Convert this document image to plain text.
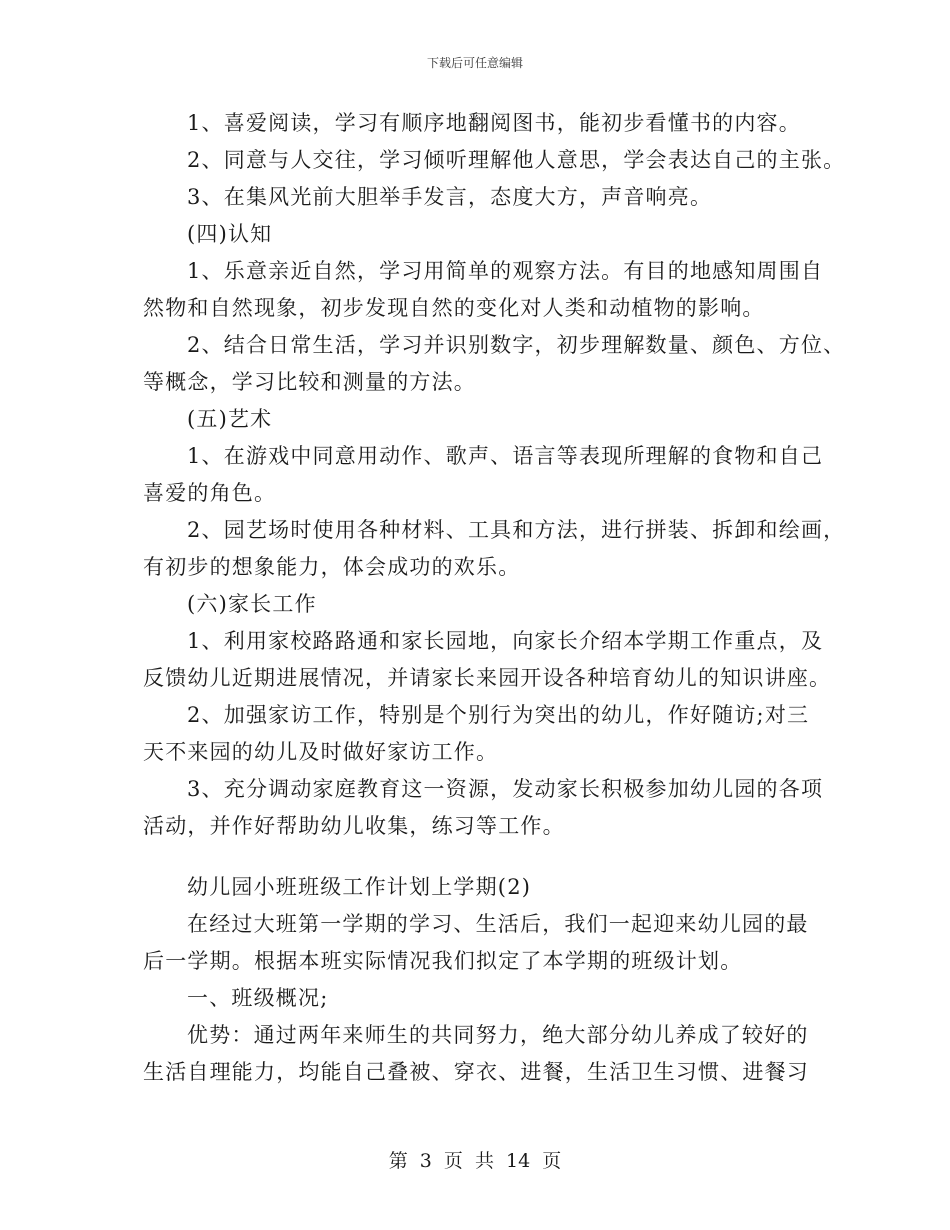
下载后可任意编辑
1、喜爱阅读，学习有顺序地翻阅图书，能初步看懂书的内容。
2、同意与人交往，学习倾听理解他人意思，学会表达自己的主张。
3、在集风光前大胆举手发言，态度大方，声音响亮。
(四)认知
1、乐意亲近自然，学习用简单的观察方法。有目的地感知周围自
然物和自然现象，初步发现自然的变化对人类和动植物的影响。
2、结合日常生活，学习并识别数字，初步理解数量、颜色、方位、
等概念，学习比较和测量的方法。
(五)艺术
1、在游戏中同意用动作、歌声、语言等表现所理解的食物和自己
喜爱的角色。
2、园艺场时使用各种材料、工具和方法，进行拼装、拆卸和绘画，
有初步的想象能力，体会成功的欢乐。
(六)家长工作
1、利用家校路路通和家长园地，向家长介绍本学期工作重点，及
反馈幼儿近期进展情况，并请家长来园开设各种培育幼儿的知识讲座。
2、加强家访工作，特别是个别行为突出的幼儿，作好随访;对三
天不来园的幼儿及时做好家访工作。
3、充分调动家庭教育这一资源，发动家长积极参加幼儿园的各项
活动，并作好帮助幼儿收集，练习等工作。
幼儿园小班班级工作计划上学期(2)
在经过大班第一学期的学习、生活后，我们一起迎来幼儿园的最
后一学期。根据本班实际情况我们拟定了本学期的班级计划。
一、班级概况;
优势：通过两年来师生的共同努力，绝大部分幼儿养成了较好的
生活自理能力，均能自己叠被、穿衣、进餐，生活卫生习惯、进餐习
第 3 页 共 14 页
